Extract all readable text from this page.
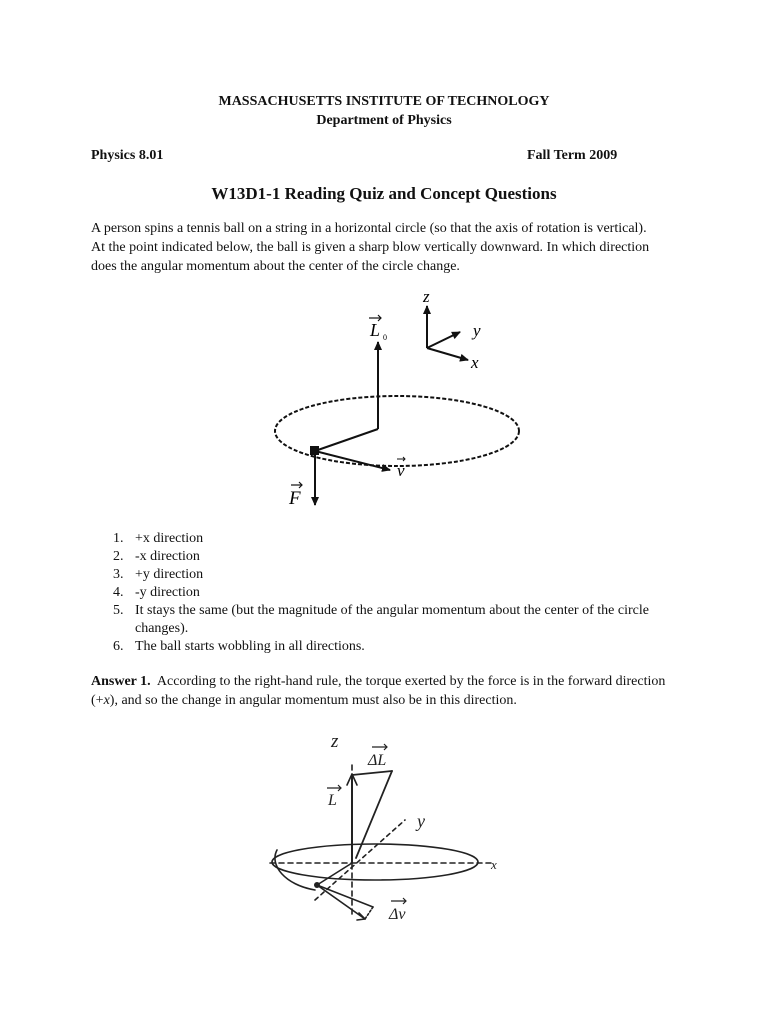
MASSACHUSETTS INSTITUTE OF TECHNOLOGY
Department of Physics
Physics 8.01	Fall Term 2009
W13D1-1 Reading Quiz and Concept Questions
A person spins a tennis ball on a string in a horizontal circle (so that the axis of rotation is vertical). At the point indicated below, the ball is given a sharp blow vertically downward. In which direction does the angular momentum about the center of the circle change.
z
y
x
L 0
v
F
1. +x direction
2. -x direction
3. +y direction
4. -y direction
5. It stays the same (but the magnitude of the angular momentum about the center of the circle changes).
6. The ball starts wobbling in all directions.
Answer 1. According to the right-hand rule, the torque exerted by the force is in the forward direction (+x), and so the change in angular momentum must also be in this direction.
z
ΔL
L
y
x
Δv
